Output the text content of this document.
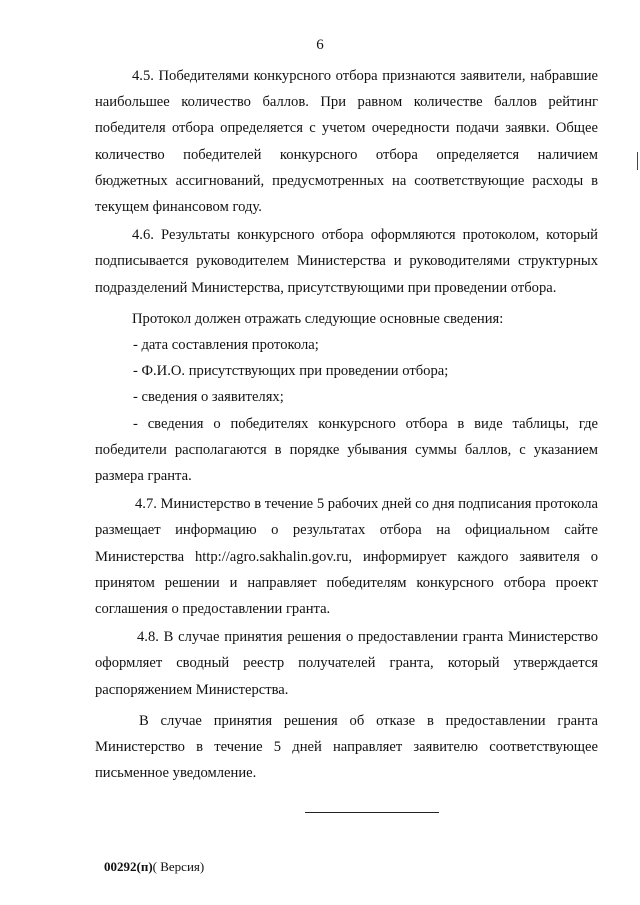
6

4.5. Победителями конкурсного отбора признаются заявители, набравшие наибольшее количество баллов. При равном количестве баллов рейтинг победителя отбора определяется с учетом очередности подачи заявки. Общее количество победителей конкурсного отбора определяется наличием бюджетных ассигнований, предусмотренных на соответствующие расходы в текущем финансовом году.

4.6. Результаты конкурсного отбора оформляются протоколом, который подписывается руководителем Министерства и руководителями структурных подразделений Министерства, присутствующими при проведении отбора.

Протокол должен отражать следующие основные сведения:

- дата составления протокола;

- Ф.И.О. присутствующих при проведении отбора;

- сведения о заявителях;

- сведения о победителях конкурсного отбора в виде таблицы, где победители располагаются в порядке убывания суммы баллов, с указанием размера гранта.

4.7. Министерство в течение 5 рабочих дней со дня подписания протокола размещает информацию о результатах отбора на официальном сайте Министерства http://agro.sakhalin.gov.ru, информирует каждого заявителя о принятом решении и направляет победителям конкурсного отбора проект соглашения о предоставлении гранта.

4.8. В случае принятия решения о предоставлении гранта Министерство оформляет сводный реестр получателей гранта, который утверждается распоряжением Министерства.

В случае принятия решения об отказе в предоставлении гранта Министерство в течение 5 дней направляет заявителю соответствующее письменное уведомление.

00292(п)( Версия)
